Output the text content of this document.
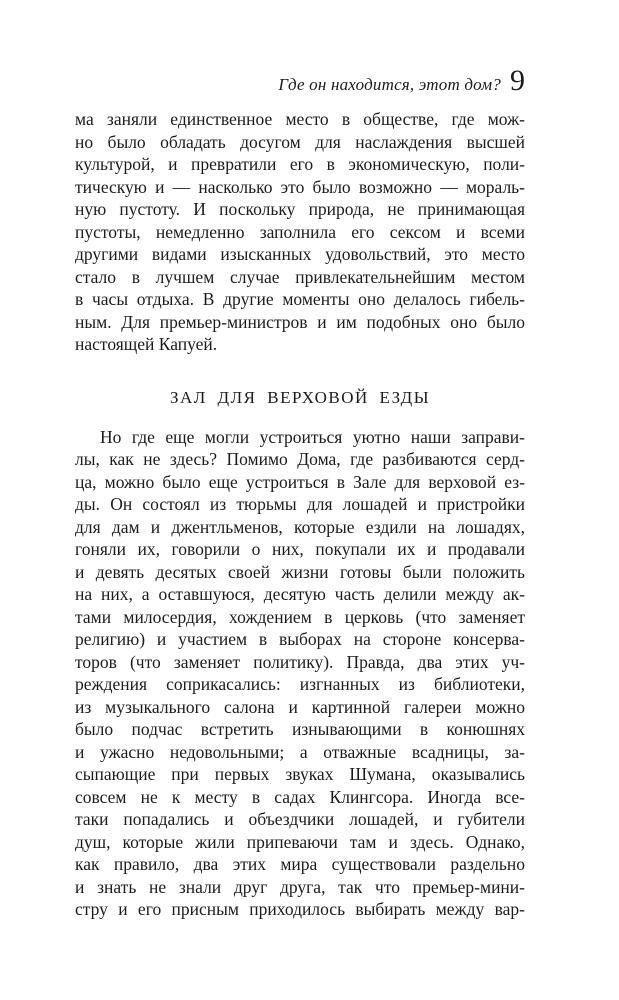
Где он находится, этот дом? 9
ма заняли единственное место в обществе, где мож-
но было обладать досугом для наслаждения высшей
культурой, и превратили его в экономическую, поли-
тическую и — насколько это было возможно — мораль-
ную пустоту. И поскольку природа, не принимающая
пустоты, немедленно заполнила его сексом и всеми
другими видами изысканных удовольствий, это место
стало в лучшем случае привлекательнейшим местом
в часы отдыха. В другие моменты оно делалось гибель-
ным. Для премьер-министров и им подобных оно было
настоящей Капуей.
ЗАЛ ДЛЯ ВЕРХОВОЙ ЕЗДЫ
Но где еще могли устроиться уютно наши заправи-
лы, как не здесь? Помимо Дома, где разбиваются серд-
ца, можно было еще устроиться в Зале для верховой ез-
ды. Он состоял из тюрьмы для лошадей и пристройки
для дам и джентльменов, которые ездили на лошадях,
гоняли их, говорили о них, покупали их и продавали
и девять десятых своей жизни готовы были положить
на них, а оставшуюся, десятую часть делили между ак-
тами милосердия, хождением в церковь (что заменяет
религию) и участием в выборах на стороне консерва-
торов (что заменяет политику). Правда, два этих уч-
реждения соприкасались: изгнанных из библиотеки,
из музыкального салона и картинной галереи можно
было подчас встретить изнывающими в конюшнях
и ужасно недовольными; а отважные всадницы, за-
сыпающие при первых звуках Шумана, оказывались
совсем не к месту в садах Клингсора. Иногда все-
таки попадались и объездчики лошадей, и губители
душ, которые жили припеваючи там и здесь. Однако,
как правило, два этих мира существовали раздельно
и знать не знали друг друга, так что премьер-мини-
стру и его присным приходилось выбирать между вар-
